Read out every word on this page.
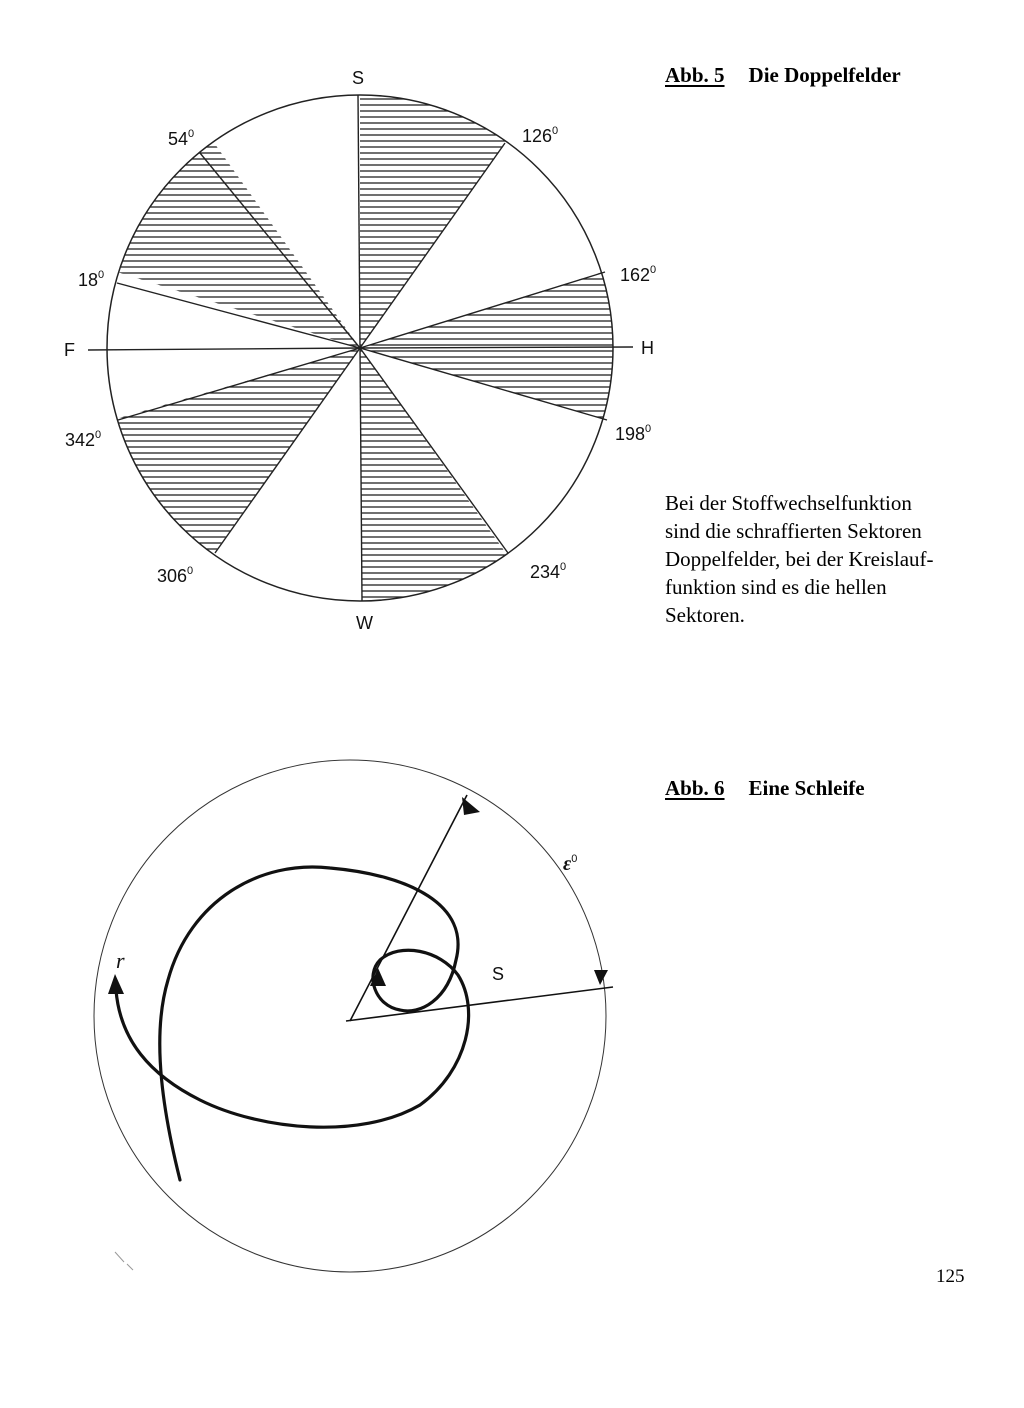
S
W
F	H
$54^0$	$126^0$
$18^0$	$162^0$
$342^0$	$198^0$
$306^0$	$234^0$
S
r
$\varepsilon^0$
Abb. 5 Die Doppelfelder
Bei der Stoffwechselfunktion
sind die schraffierten Sektoren
Doppelfelder, bei der Kreislauf-
funktion sind es die hellen
Sektoren.
Abb. 6 Eine Schleife
125
